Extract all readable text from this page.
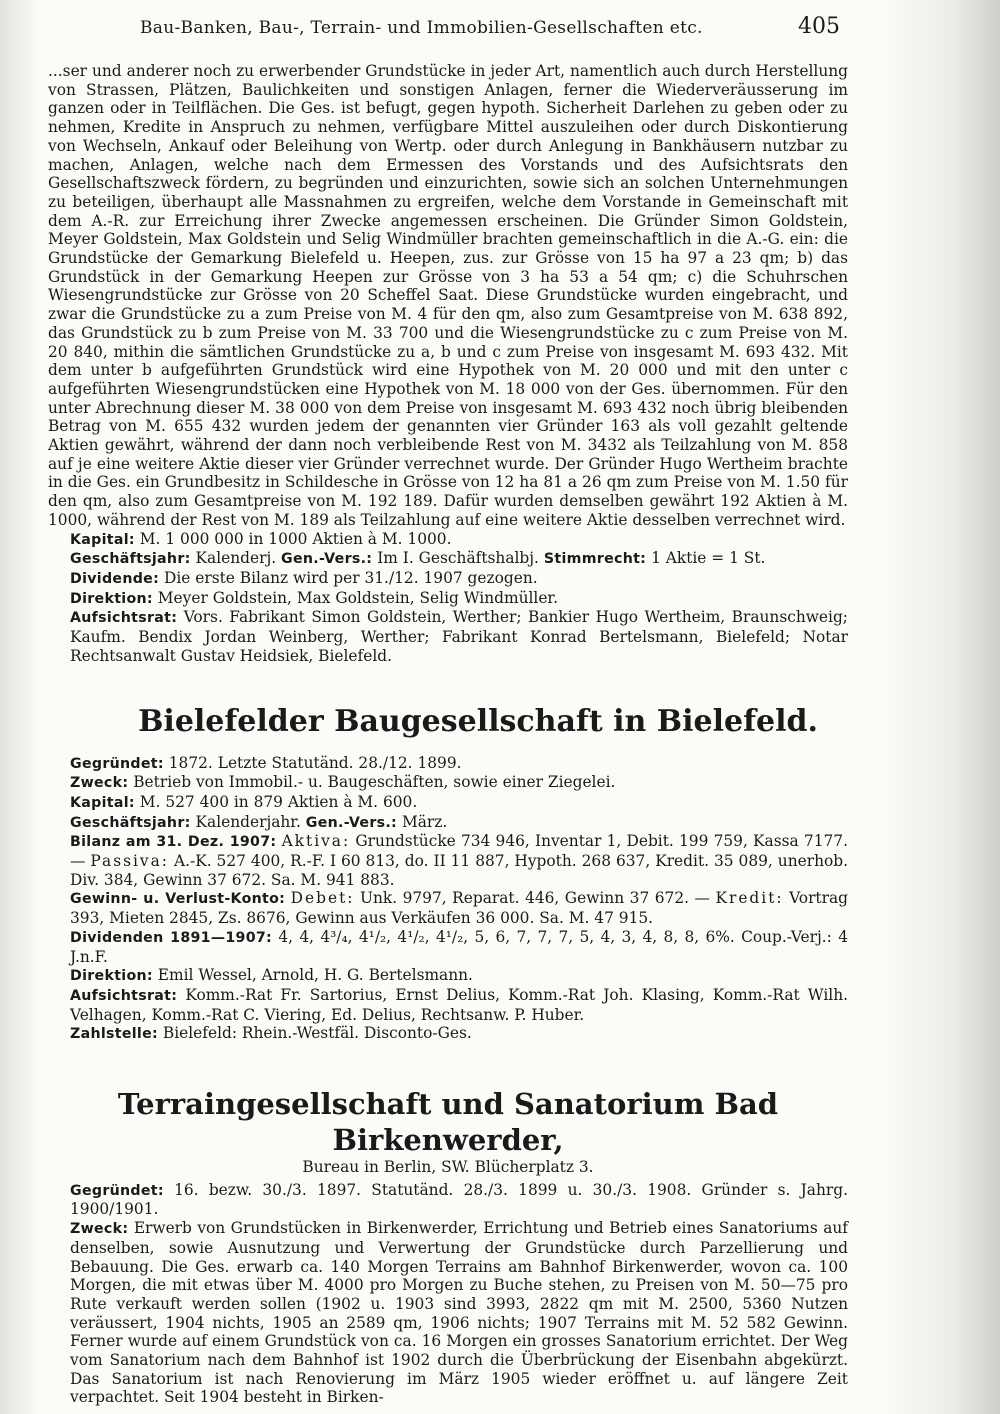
Bau-Banken, Bau-, Terrain- und Immobilien-Gesellschaften etc.	405

...ser und anderer noch zu erwerbender Grundstücke in jeder Art, namentlich auch durch Herstellung von Strassen, Plätzen, Baulichkeiten und sonstigen Anlagen, ferner die Wiederveräusserung im ganzen oder in Teilflächen. Die Ges. ist befugt, gegen hypoth. Sicherheit Darlehen zu geben oder zu nehmen, Kredite in Anspruch zu nehmen, verfügbare Mittel auszuleihen oder durch Diskontierung von Wechseln, Ankauf oder Beleihung von Wertp. oder durch Anlegung in Bankhäusern nutzbar zu machen, Anlagen, welche nach dem Ermessen des Vorstands und des Aufsichtsrats den Gesellschaftszweck fördern, zu begründen und einzurichten, sowie sich an solchen Unternehmungen zu beteiligen, überhaupt alle Massnahmen zu ergreifen, welche dem Vorstande in Gemeinschaft mit dem A.-R. zur Erreichung ihrer Zwecke angemessen erscheinen. Die Gründer Simon Goldstein, Meyer Goldstein, Max Goldstein und Selig Windmüller brachten gemeinschaftlich in die A.-G. ein: die Grundstücke der Gemarkung Bielefeld u. Heepen, zus. zur Grösse von 15 ha 97 a 23 qm; b) das Grundstück in der Gemarkung Heepen zur Grösse von 3 ha 53 a 54 qm; c) die Schuhrschen Wiesengrundstücke zur Grösse von 20 Scheffel Saat. Diese Grundstücke wurden eingebracht, und zwar die Grundstücke zu a zum Preise von M. 4 für den qm, also zum Gesamtpreise von M. 638 892, das Grundstück zu b zum Preise von M. 33 700 und die Wiesengrundstücke zu c zum Preise von M. 20 840, mithin die sämtlichen Grundstücke zu a, b und c zum Preise von insgesamt M. 693 432. Mit dem unter b aufgeführten Grundstück wird eine Hypothek von M. 20 000 und mit den unter c aufgeführten Wiesengrundstücken eine Hypothek von M. 18 000 von der Ges. übernommen. Für den unter Abrechnung dieser M. 38 000 von dem Preise von insgesamt M. 693 432 noch übrig bleibenden Betrag von M. 655 432 wurden jedem der genannten vier Gründer 163 als voll gezahlt geltende Aktien gewährt, während der dann noch verbleibende Rest von M. 3432 als Teilzahlung von M. 858 auf je eine weitere Aktie dieser vier Gründer verrechnet wurde. Der Gründer Hugo Wertheim brachte in die Ges. ein Grundbesitz in Schildesche in Grösse von 12 ha 81 a 26 qm zum Preise von M. 1.50 für den qm, also zum Gesamtpreise von M. 192 189. Dafür wurden demselben gewährt 192 Aktien à M. 1000, während der Rest von M. 189 als Teilzahlung auf eine weitere Aktie desselben verrechnet wird.

Kapital: M. 1 000 000 in 1000 Aktien à M. 1000.

Geschäftsjahr: Kalenderj. Gen.-Vers.: Im I. Geschäftshalbj. Stimmrecht: 1 Aktie = 1 St.

Dividende: Die erste Bilanz wird per 31./12. 1907 gezogen.

Direktion: Meyer Goldstein, Max Goldstein, Selig Windmüller.

Aufsichtsrat: Vors. Fabrikant Simon Goldstein, Werther; Bankier Hugo Wertheim, Braunschweig; Kaufm. Bendix Jordan Weinberg, Werther; Fabrikant Konrad Bertelsmann, Bielefeld; Notar Rechtsanwalt Gustav Heidsiek, Bielefeld.

Bielefelder Baugesellschaft in Bielefeld.

Gegründet: 1872. Letzte Statutänd. 28./12. 1899.

Zweck: Betrieb von Immobil.- u. Baugeschäften, sowie einer Ziegelei.

Kapital: M. 527 400 in 879 Aktien à M. 600.

Geschäftsjahr: Kalenderjahr. Gen.-Vers.: März.

Bilanz am 31. Dez. 1907: Aktiva: Grundstücke 734 946, Inventar 1, Debit. 199 759, Kassa 7177. — Passiva: A.-K. 527 400, R.-F. I 60 813, do. II 11 887, Hypoth. 268 637, Kredit. 35 089, unerhob. Div. 384, Gewinn 37 672. Sa. M. 941 883.

Gewinn- u. Verlust-Konto: Debet: Unk. 9797, Reparat. 446, Gewinn 37 672. — Kredit: Vortrag 393, Mieten 2845, Zs. 8676, Gewinn aus Verkäufen 36 000. Sa. M. 47 915.

Dividenden 1891—1907: 4, 4, 4³/₄, 4¹/₂, 4¹/₂, 4¹/₂, 5, 6, 7, 7, 7, 5, 4, 3, 4, 8, 8, 6%. Coup.-Verj.: 4 J.n.F.

Direktion: Emil Wessel, Arnold, H. G. Bertelsmann.

Aufsichtsrat: Komm.-Rat Fr. Sartorius, Ernst Delius, Komm.-Rat Joh. Klasing, Komm.-Rat Wilh. Velhagen, Komm.-Rat C. Viering, Ed. Delius, Rechtsanw. P. Huber.

Zahlstelle: Bielefeld: Rhein.-Westfäl. Disconto-Ges.

Terraingesellschaft und Sanatorium Bad Birkenwerder,

Bureau in Berlin, SW. Blücherplatz 3.

Gegründet: 16. bezw. 30./3. 1897. Statutänd. 28./3. 1899 u. 30./3. 1908. Gründer s. Jahrg. 1900/1901.

Zweck: Erwerb von Grundstücken in Birkenwerder, Errichtung und Betrieb eines Sanatoriums auf denselben, sowie Ausnutzung und Verwertung der Grundstücke durch Parzellierung und Bebauung. Die Ges. erwarb ca. 140 Morgen Terrains am Bahnhof Birkenwerder, wovon ca. 100 Morgen, die mit etwas über M. 4000 pro Morgen zu Buche stehen, zu Preisen von M. 50—75 pro Rute verkauft werden sollen (1902 u. 1903 sind 3993, 2822 qm mit M. 2500, 5360 Nutzen veräussert, 1904 nichts, 1905 an 2589 qm, 1906 nichts; 1907 Terrains mit M. 52 582 Gewinn. Ferner wurde auf einem Grundstück von ca. 16 Morgen ein grosses Sanatorium errichtet. Der Weg vom Sanatorium nach dem Bahnhof ist 1902 durch die Überbrückung der Eisenbahn abgekürzt. Das Sanatorium ist nach Renovierung im März 1905 wieder eröffnet u. auf längere Zeit verpachtet. Seit 1904 besteht in Birken-
